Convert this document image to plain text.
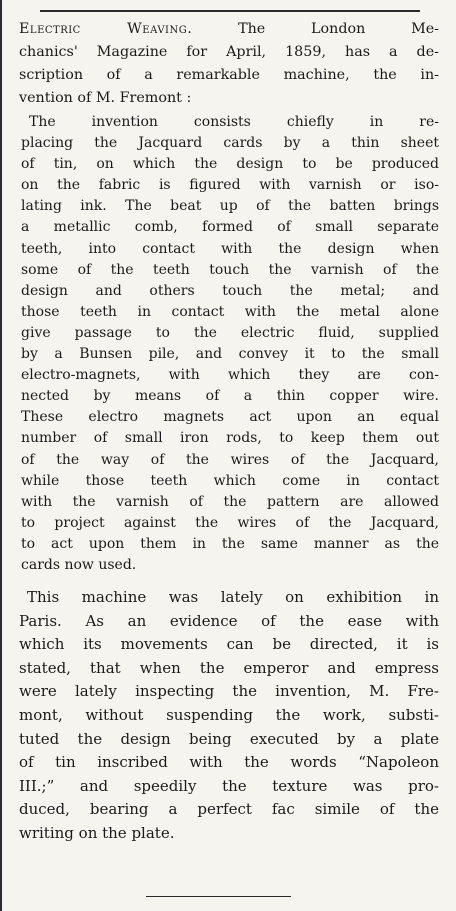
Electric Weaving.	The London Me-
chanics' Magazine for April, 1859, has a de-
scription of a remarkable machine, the in-
vention of M. Fremont :
The invention consists chiefly in re-
placing the Jacquard cards by a thin sheet
of tin, on which the design to be produced
on the fabric is figured with varnish or iso-
lating ink. The beat up of the batten brings
a metallic comb, formed of small separate
teeth, into contact with the design when
some of the teeth touch the varnish of the
design and others touch the metal; and
those teeth in contact with the metal alone
give passage to the electric fluid, supplied
by a Bunsen pile, and convey it to the small
electro-magnets, with which they are con-
nected by means of a thin copper wire.
These electro magnets act upon an equal
number of small iron rods, to keep them out
of the way of the wires of the Jacquard,
while those teeth which come in contact
with the varnish of the pattern are allowed
to project against the wires of the Jacquard,
to act upon them in the same manner as the
cards now used.
This machine was lately on exhibition in
Paris. As an evidence of the ease with
which its movements can be directed, it is
stated, that when the emperor and empress
were lately inspecting the invention, M. Fre-
mont, without suspending the work, substi-
tuted the design being executed by a plate
of tin inscribed with the words “Napoleon
III.;” and speedily the texture was pro-
duced, bearing a perfect fac simile of the
writing on the plate.
